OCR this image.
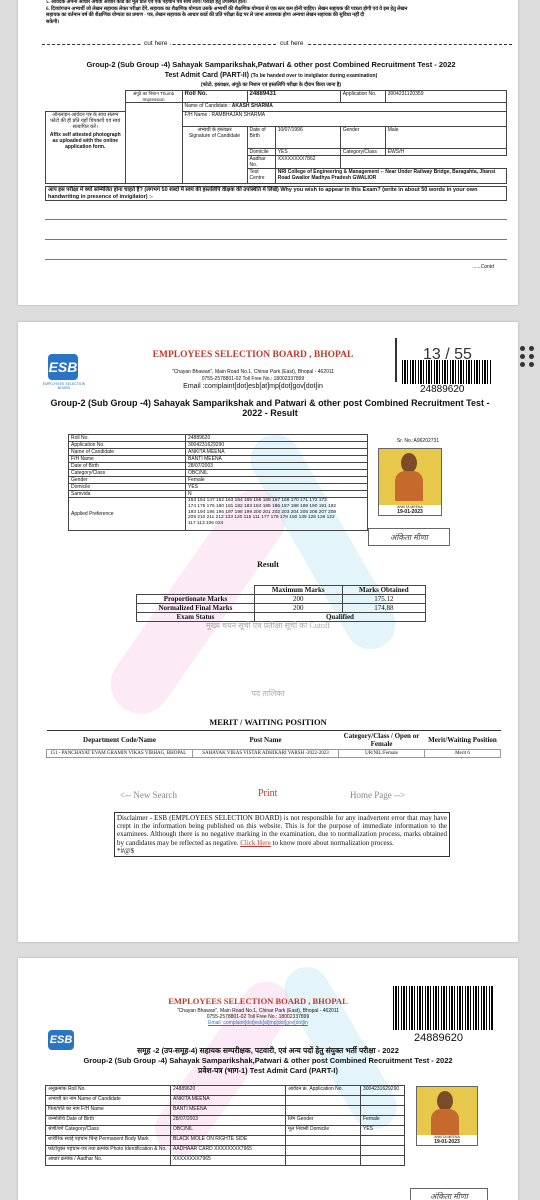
5. आवेदक अपना आधार अथवा आधार कार्ड का मूल प्रति एवं एक पहचान पत्र साथ लावें। परीक्षा हेतु उपस्थित होते।
6. दिव्यांगजन अभ्यर्थी जो लेखन सहायक लेकर परीक्षा देंगे, सहायक का शैक्षणिक योग्यता उसके अभ्यर्थी की शैक्षणिक योग्यता से एक स्तर कम होनी चाहिए। लेखन सहायक की पात्रता होगी एवं वे इस हेतु लेखन
सहायक का वर्तमान वर्ष की शैक्षणिक योग्यता का प्रमाण - पत्र, लेखन सहायक के आधार कार्ड की प्रति परीक्षा केंद्र पर ले जाना आवश्यक होगा अन्यथा लेखन सहायक की सुविधा नहीं दी
सकेगी।
cut here	cut here
Group-2 (Sub Group -4) Sahayak Samparikshak,Patwari & other post Combined Recruitment Test - 2022
Test Admit Card (PART-II) (To be handed over to invigilator during examination)
(फोटो, हस्ताक्षर, अंगूठे का निशान एवं हस्तलिपि परीक्षा के दौरान किया जाना है)
	अंगूठे का निशान Thumb Impression	Roll No.	24889431		Application No.	3004231120359
		Name of Candidate : AKASH SHARMA				

ऑनलाइन आवेदन पत्र के साथ संलग्न फोटो की ही प्रति यहाँ चिपकाएँ एवं स्वयं सत्यापित करें।
Affix self attested photograph as uploaded with the online application form.		F/H Name : RAMBHAJAN SHARMA				

		अभ्यर्थी के हस्ताक्षर
Signature of Candidate	Date of Birth	10/07/1996	Gender	Male
			Domicile	YES	Category/Class	EWS/H
			Aadhar No.	XXXXXXXX7862		
			Test Centre	NRI College of Engineering & Management -- Near Under Railway Bridge, Baragahta, Jhansi Road Gwalior Madhya Pradesh GWALIOR		
आप इस परीक्षा में क्यों सम्मिलित होना चाहते हैं? (लगभग 50 शब्दों में स्वयं की हस्तलिपि वीक्षक की उपस्थिति में लिखें) Why you wish to appear in this Exam? (write in about 50 words in your own handwriting in presence of invigilator) :-
......Contd
ESB
EMPLOYEES SELECTION BOARD
EMPLOYEES SELECTION BOARD , BHOPAL
"Chayan Bhawan", Main Road No.1, Chinar Park (East), Bhopal - 462011
0755-2578801-02 Toll Free No.: 18002337899
Email :complaint[dot]esb[at]mp[dot]gov[dot]in	24889620
Group-2 (Sub Group -4) Sahayak Samparikshak and Patwari & other post Combined Recruitment Test - 2022 - Result
Roll No.	24889620
Application No.	3004231629290
Name of Candidate	ANKITA MEENA
F/H Name	BANTI MEENA
Date of Birth	28/07/2003
Category/Class	OBC/NIL
Gender	Female
Domicile	YES
Samvida	N
Applied Preference	153 154 147 162 163 164 165 166 168 167 169 170 171 172 173
174 175 176 180 181 182 183 184 185 186 187 188 189 190 191 192
193 194 195 196 197 198 199 200 201 202 203 204 205 206 207 208
209 210 211 212 133 120 115 111 177 179 178 150 135 128 126 122
117 113 106 024
Sr. No.:A96202731
ANKITA MEENA
19-01-2023
अंकिता मीणा
Result
	Maximum Marks	Marks Obtained
Proportionate Marks	200	175.12
Normalized Final Marks	200	174.88
Exam Status	Qualified	
मुख्य चयन सूची एवं प्रतीक्षा सूची का Cutoff
पद तालिका
MERIT / WAITING POSITION
Department Code/Name	Post Name	Category/Class / Open or Female	Merit/Waiting Position
151 - PANCHAYAT EVAM GRAMIN VIKAS VIBHAG, BHOPAL	SAHAYAK VIKAS VISTAR ADHIKARI VARSH -2022-2023	UR/NIL/Female	Merit 6
<-- New Search	Print	Home Page -->
Disclaimer - ESB (EMPLOYEES SELECTION BOARD) is not responsible for any inadvertent error that may have crept in the information being published on this website. This is for the purpose of immediate information to the examinees. Although there is no negative marking in the examination, due to normalization process, marks obtained by candidates may be reflected as negative. Click Here to know more about normalization process.
*#@$
13 / 55
ESB
EMPLOYEES SELECTION BOARD , BHOPAL
"Chayan Bhawan", Main Road No.1, Chinar Park (East), Bhopal - 462011
0755-2578801-02 Toll Free No.: 18002337899
Email :complaint[dot]esb[at]mp[dot]gov[dot]in
24889620
समूह -2 (उप-समूह-4) सहायक सम्परीक्षक, पटवारी, एवं अन्य पदों हेतु संयुक्त भर्ती परीक्षा - 2022
Group-2 (Sub Group -4) Sahayak Samparikshak,Patwari & other post Combined Recruitment Test - 2022
प्रवेश-पत्र (भाग-1) Test Admit Card (PART-I)
अनुक्रमांक Roll No.	24889620	आवेदन क्र. Application No.	3004231629290
अभ्यर्थी का नाम Name of Candidate	ANKITA MEENA		
पिता/पति का नाम F/H Name	BANTI MEENA		
जन्मतिथि Date of Birth	28/07/2003	लिंग Gender	Female
श्रेणी/वर्ग Category/Class	OBC/NIL	मूल निवासी Domicile	YES
शारीरिक स्थाई पहचान चिन्ह Permanent Body Mark	BLACK MOLE ON RIGHTE SIDE		
फोटोयुक्त पहचान-पत्र तथा क्रमांक Photo Identification & No.	AADHAAR CARD XXXXXXXX7965		
आधार क्रमांक / Aadhar No.	XXXXXXXX7965		
ANKITA MEENA
19-01-2023
अंकिता मीणा
